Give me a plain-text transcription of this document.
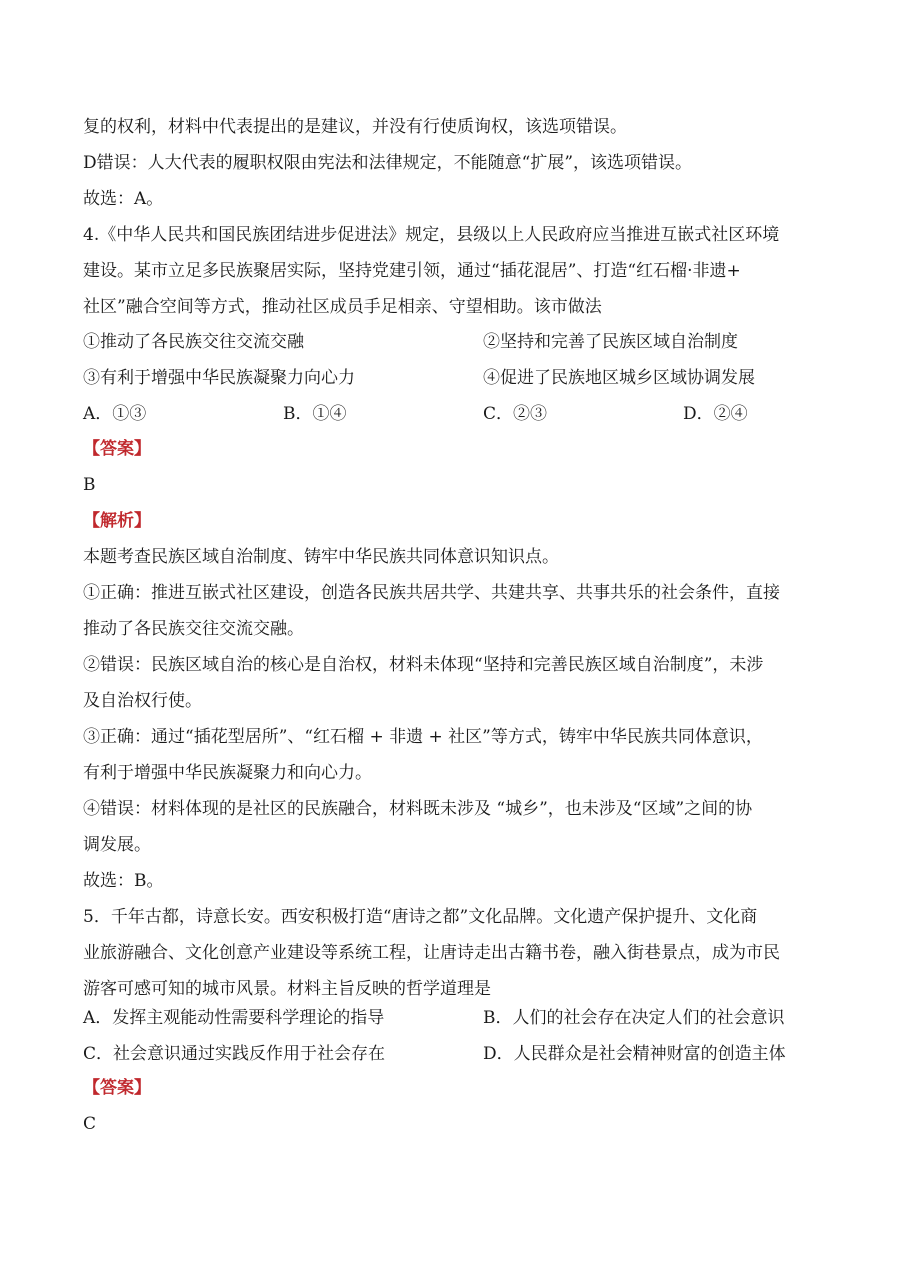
复的权利，材料中代表提出的是建议，并没有行使质询权，该选项错误。
D错误：人大代表的履职权限由宪法和法律规定，不能随意“扩展”，该选项错误。
故选：A。
4.《中华人民共和国民族团结进步促进法》规定，县级以上人民政府应当推进互嵌式社区环境
建设。某市立足多民族聚居实际，坚持党建引领，通过“插花混居”、打造“红石榴·非遗+
社区”融合空间等方式，推动社区成员手足相亲、守望相助。该市做法
①推动了各民族交往交流交融	②坚持和完善了民族区域自治制度
③有利于增强中华民族凝聚力向心力	④促进了民族地区城乡区域协调发展
A．①③	B．①④	C．②③	D．②④
【答案】
B
【解析】
本题考查民族区域自治制度、铸牢中华民族共同体意识知识点。
①正确：推进互嵌式社区建设，创造各民族共居共学、共建共享、共事共乐的社会条件，直接
推动了各民族交往交流交融。
②错误：民族区域自治的核心是自治权，材料未体现“坚持和完善民族区域自治制度”，未涉
及自治权行使。
③正确：通过“插花型居所”、“红石榴 + 非遗 + 社区”等方式，铸牢中华民族共同体意识，
有利于增强中华民族凝聚力和向心力。
④错误：材料体现的是社区的民族融合，材料既未涉及 “城乡”，也未涉及“区域”之间的协
调发展。
故选：B。
5．千年古都，诗意长安。西安积极打造“唐诗之都”文化品牌。文化遗产保护提升、文化商
业旅游融合、文化创意产业建设等系统工程，让唐诗走出古籍书卷，融入街巷景点，成为市民
游客可感可知的城市风景。材料主旨反映的哲学道理是
A．发挥主观能动性需要科学理论的指导	B．人们的社会存在决定人们的社会意识
C．社会意识通过实践反作用于社会存在	D．人民群众是社会精神财富的创造主体
【答案】
C
